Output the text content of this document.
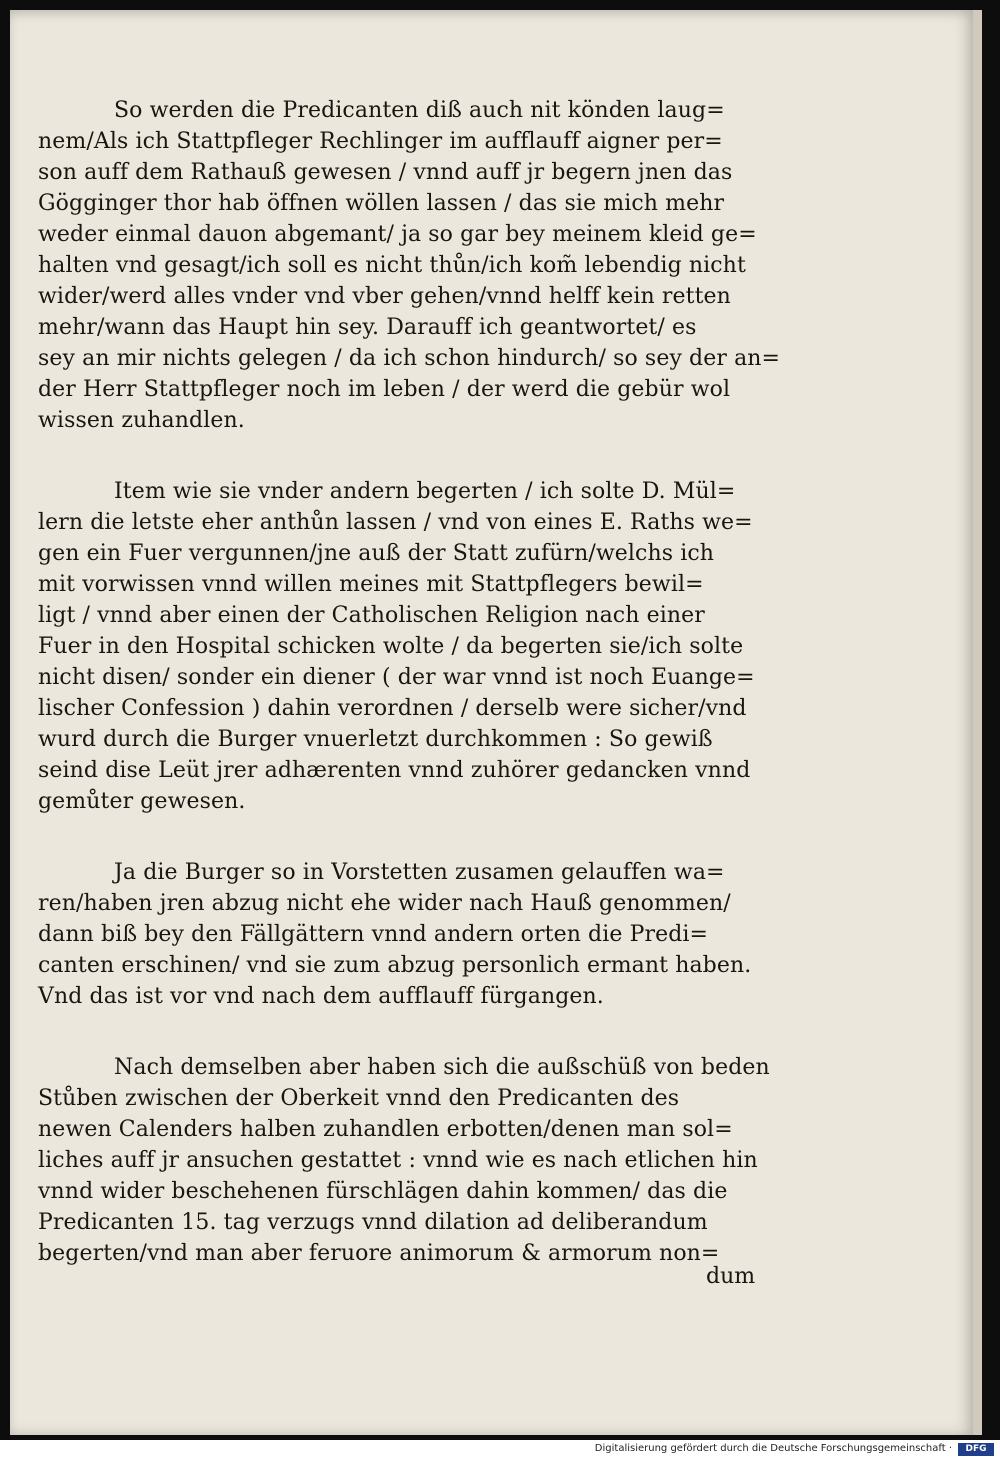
So werden die Predicanten diß auch nit könden laug=
nem/Als ich Stattpfleger Rechlinger im aufflauff aigner per=
son auff dem Rathauß gewesen / vnnd auff jr begern jnen das
Gögginger thor hab öffnen wöllen lassen / das sie mich mehr
weder einmal dauon abgemant/ ja so gar bey meinem kleid ge=
halten vnd gesagt/ich soll es nicht thůn/ich kom̃ lebendig nicht
wider/werd alles vnder vnd vber gehen/vnnd helff kein retten
mehr/wann das Haupt hin sey. Darauff ich geantwortet/ es
sey an mir nichts gelegen / da ich schon hindurch/ so sey der an=
der Herr Stattpfleger noch im leben / der werd die gebür wol
wissen zuhandlen.
Item wie sie vnder andern begerten / ich solte D. Mül=
lern die letste eher anthůn lassen / vnd von eines E. Raths we=
gen ein Fuer vergunnen/jne auß der Statt zufürn/welchs ich
mit vorwissen vnnd willen meines mit Stattpflegers bewil=
ligt / vnnd aber einen der Catholischen Religion nach einer
Fuer in den Hospital schicken wolte / da begerten sie/ich solte
nicht disen/ sonder ein diener ( der war vnnd ist noch Euange=
lischer Confession ) dahin verordnen / derselb were sicher/vnd
wurd durch die Burger vnuerletzt durchkommen : So gewiß
seind dise Leüt jrer adhærenten vnnd zuhörer gedancken vnnd
gemůter gewesen.
Ja die Burger so in Vorstetten zusamen gelauffen wa=
ren/haben jren abzug nicht ehe wider nach Hauß genommen/
dann biß bey den Fällgättern vnnd andern orten die Predi=
canten erschinen/ vnd sie zum abzug personlich ermant haben.
Vnd das ist vor vnd nach dem aufflauff fürgangen.
Nach demselben aber haben sich die außschüß von beden
Stůben zwischen der Oberkeit vnnd den Predicanten des
newen Calenders halben zuhandlen erbotten/denen man sol=
liches auff jr ansuchen gestattet : vnnd wie es nach etlichen hin
vnnd wider beschehenen fürschlägen dahin kommen/ das die
Predicanten 15. tag verzugs vnnd dilation ad deliberandum
begerten/vnd man aber feruore animorum & armorum non=
dum
Digitalisierung gefördert durch die Deutsche Forschungsgemeinschaft ·	DFG
